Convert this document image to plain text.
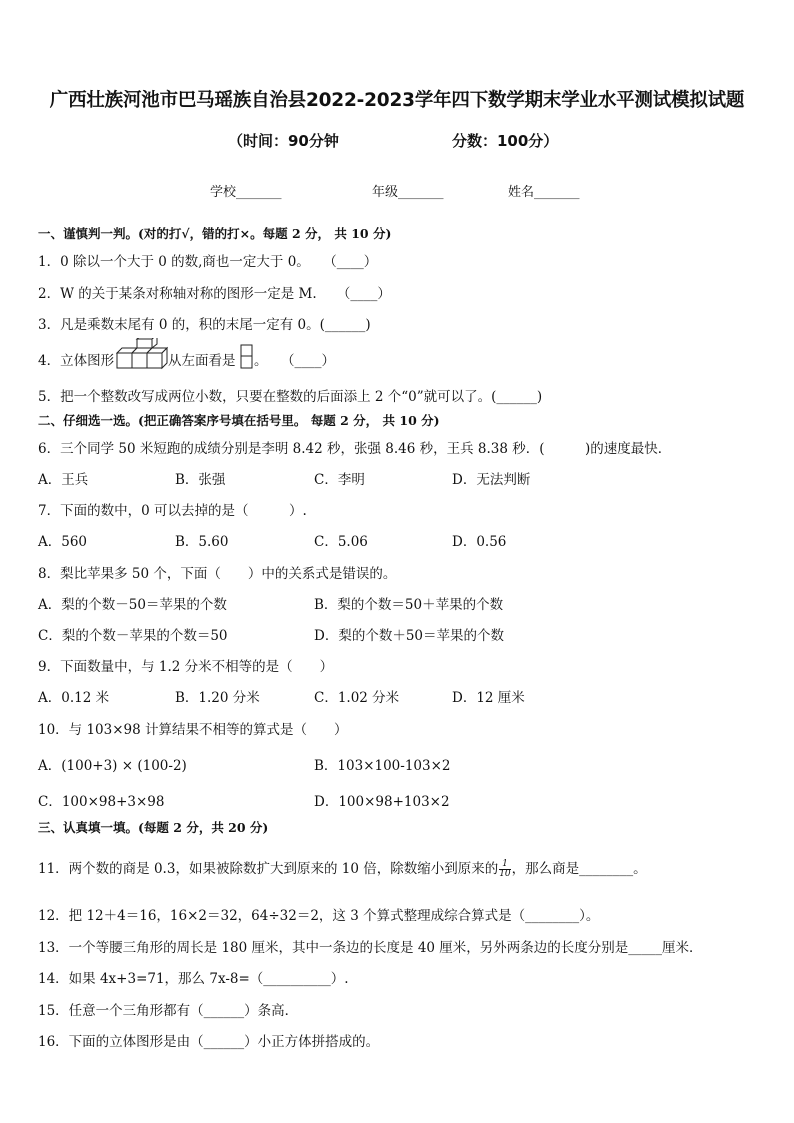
广西壮族河池市巴马瑶族自治县2022-2023学年四下数学期末学业水平测试模拟试题
（时间：90分钟	分数：100分）
学校_______	年级_______	姓名_______
一、谨慎判一判。(对的打√，错的打×。每题 2 分， 共 10 分)
1．0 除以一个大于 0 的数,商也一定大于 0。　　（____）
2．W 的关于某条对称轴对称的图形一定是 M.　　（____）
3．凡是乘数末尾有 0 的，积的末尾一定有 0。(______)
4．立体图形	从左面看是 。　　（____）
5．把一个整数改写成两位小数，只要在整数的后面添上 2 个“0”就可以了。(______)
二、仔细选一选。(把正确答案序号填在括号里。 每题 2 分， 共 10 分)
6．三个同学 50 米短跑的成绩分别是李明 8.42 秒，张强 8.46 秒，王兵 8.38 秒．(　　　)的速度最快．
A．王兵	B．张强	C．李明	D．无法判断
7．下面的数中，0 可以去掉的是（　　　）.
A．560	B．5.60	C．5.06	D．0.56
8．梨比苹果多 50 个，下面（　　）中的关系式是错误的。
A．梨的个数－50＝苹果的个数	B．梨的个数＝50＋苹果的个数
C．梨的个数－苹果的个数＝50	D．梨的个数＋50＝苹果的个数
9．下面数量中，与 1.2 分米不相等的是（　　）
A．0.12 米	B．1.20 分米	C．1.02 分米	D．12 厘米
10．与 103×98 计算结果不相等的算式是（　　）
A．(100+3) × (100-2)	B．103×100-103×2
C．100×98+3×98	D．100×98+103×2
三、认真填一填。(每题 2 分，共 20 分)
11．两个数的商是 0.3，如果被除数扩大到原来的 10 倍，除数缩小到原来的 $\frac{1}{10}$ ，那么商是________。
12．把 12＋4＝16，16×2＝32，64÷32＝2，这 3 个算式整理成综合算式是（________）。
13．一个等腰三角形的周长是 180 厘米，其中一条边的长度是 40 厘米，另外两条边的长度分别是_____厘米．
14．如果 4x+3=71，那么 7x-8=（__________）.
15．任意一个三角形都有（______）条高．
16．下面的立体图形是由（______）小正方体拼搭成的。
